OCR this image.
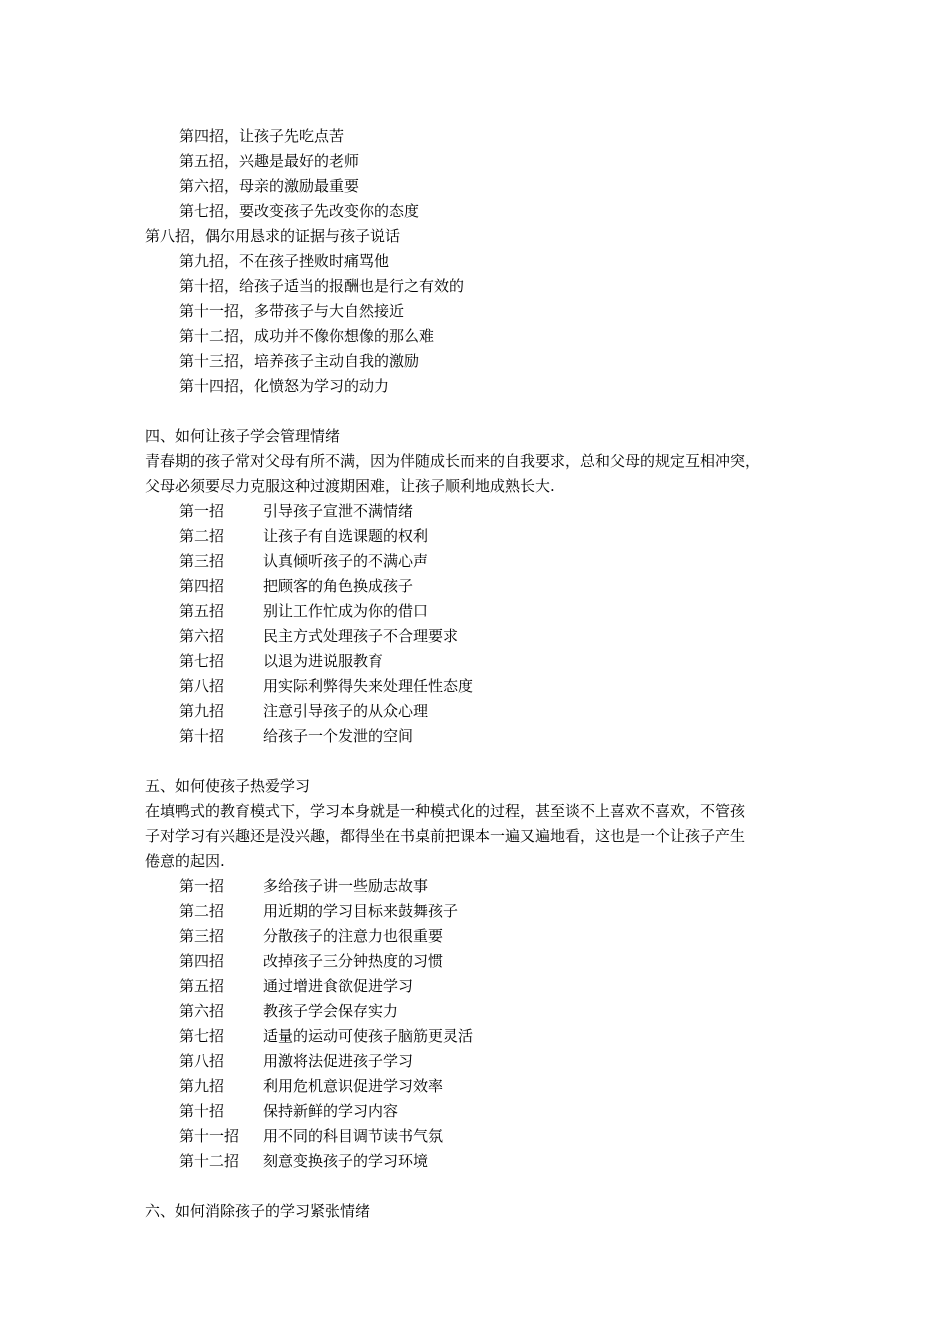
第四招，让孩子先吃点苦
第五招，兴趣是最好的老师
第六招，母亲的激励最重要
第七招，要改变孩子先改变你的态度
第八招，偶尔用恳求的证据与孩子说话
第九招，不在孩子挫败时痛骂他
第十招，给孩子适当的报酬也是行之有效的
第十一招，多带孩子与大自然接近
第十二招，成功并不像你想像的那么难
第十三招，培养孩子主动自我的激励
第十四招，化愤怒为学习的动力
四、如何让孩子学会管理情绪
青春期的孩子常对父母有所不满，因为伴随成长而来的自我要求，总和父母的规定互相冲突，
父母必须要尽力克服这种过渡期困难，让孩子顺利地成熟长大.
第一招	引导孩子宣泄不满情绪
第二招	让孩子有自选课题的权利
第三招	认真倾听孩子的不满心声
第四招	把顾客的角色换成孩子
第五招	别让工作忙成为你的借口
第六招	民主方式处理孩子不合理要求
第七招	以退为进说服教育
第八招	用实际利弊得失来处理任性态度
第九招	注意引导孩子的从众心理
第十招	给孩子一个发泄的空间
五、如何使孩子热爱学习
在填鸭式的教育模式下，学习本身就是一种模式化的过程，甚至谈不上喜欢不喜欢，不管孩
子对学习有兴趣还是没兴趣，都得坐在书桌前把课本一遍又遍地看，这也是一个让孩子产生
倦意的起因.
第一招	多给孩子讲一些励志故事
第二招	用近期的学习目标来鼓舞孩子
第三招	分散孩子的注意力也很重要
第四招	改掉孩子三分钟热度的习惯
第五招	通过增进食欲促进学习
第六招	教孩子学会保存实力
第七招	适量的运动可使孩子脑筋更灵活
第八招	用激将法促进孩子学习
第九招	利用危机意识促进学习效率
第十招	保持新鲜的学习内容
第十一招	用不同的科目调节读书气氛
第十二招	刻意变换孩子的学习环境
六、如何消除孩子的学习紧张情绪
